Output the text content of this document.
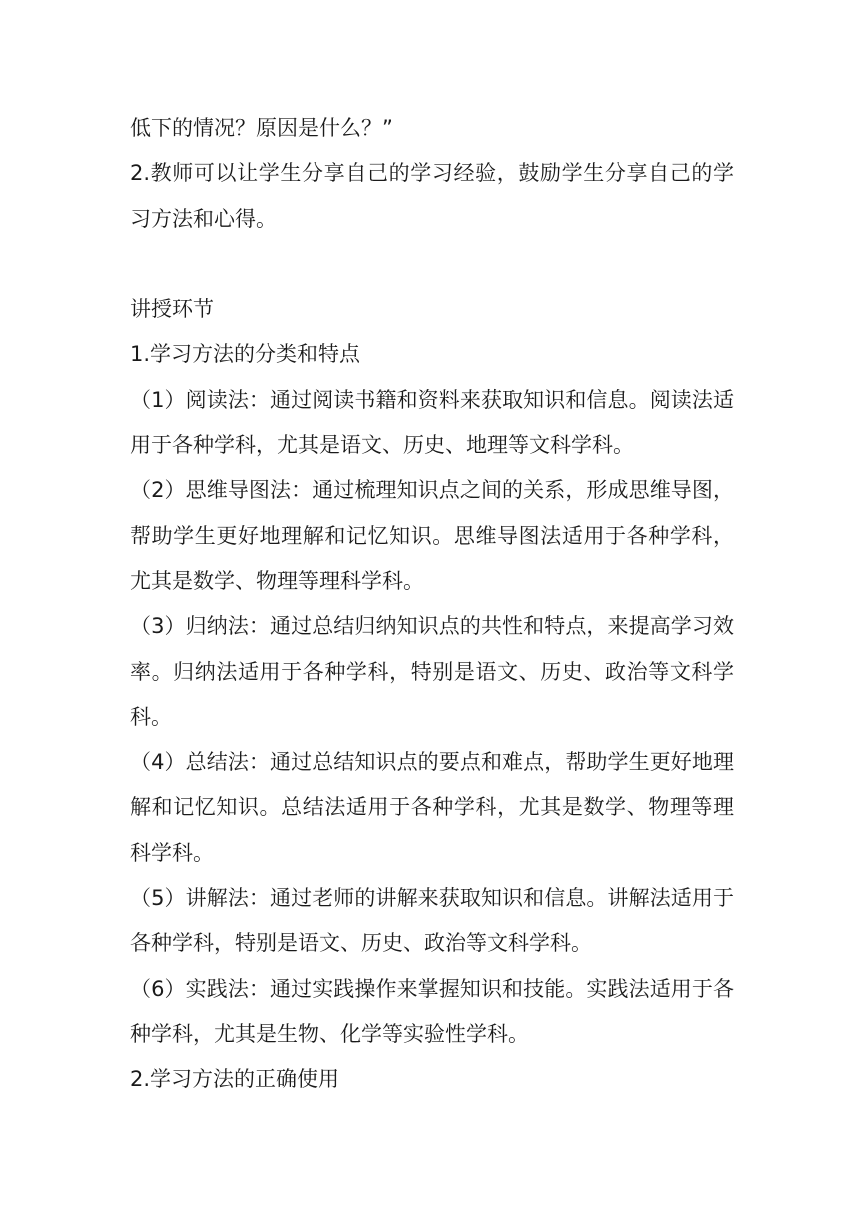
低下的情况？原因是什么？”

2.教师可以让学生分享自己的学习经验，鼓励学生分享自己的学习方法和心得。

讲授环节

1.学习方法的分类和特点

（1）阅读法：通过阅读书籍和资料来获取知识和信息。阅读法适用于各种学科，尤其是语文、历史、地理等文科学科。

（2）思维导图法：通过梳理知识点之间的关系，形成思维导图，帮助学生更好地理解和记忆知识。思维导图法适用于各种学科，尤其是数学、物理等理科学科。

（3）归纳法：通过总结归纳知识点的共性和特点，来提高学习效率。归纳法适用于各种学科，特别是语文、历史、政治等文科学科。

（4）总结法：通过总结知识点的要点和难点，帮助学生更好地理解和记忆知识。总结法适用于各种学科，尤其是数学、物理等理科学科。

（5）讲解法：通过老师的讲解来获取知识和信息。讲解法适用于各种学科，特别是语文、历史、政治等文科学科。

（6）实践法：通过实践操作来掌握知识和技能。实践法适用于各种学科，尤其是生物、化学等实验性学科。

2.学习方法的正确使用
